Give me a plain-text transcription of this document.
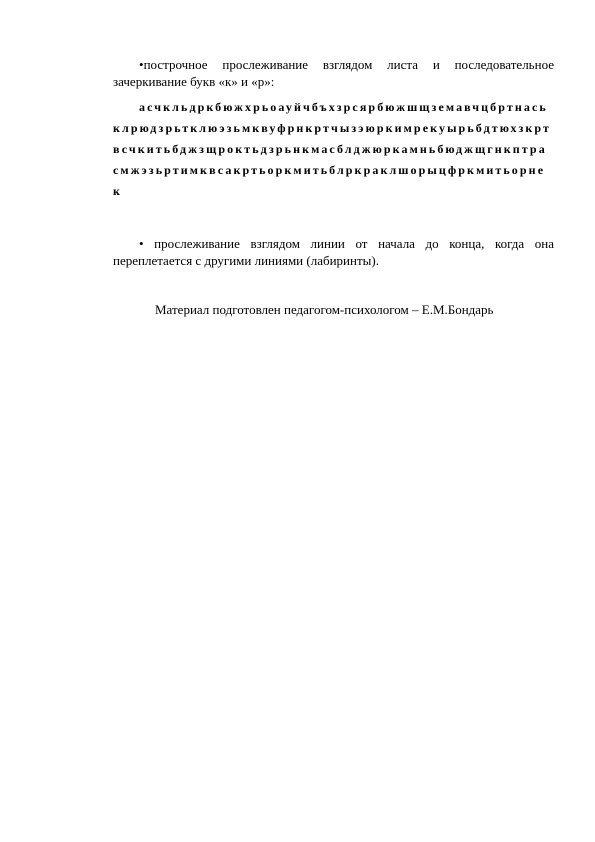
•построчное прослеживание взглядом листа и последовательное зачеркивание букв «к» и «р»:

асчкльдркбюжхрьоауйчбъхзрсярбюжшщземавчцбртнаськлрюдзрьтклюэзьмквуфрнкртчызэюркимрекуырьбдтюхзкртвсчкитьбджзщроктьдзрьнкмасблджюркамньбюджщгнкптрасмжэзьртимквсакртьоркмитьблркраклшорыцфркмитьорнек

• прослеживание взглядом линии от начала до конца, когда она переплетается с другими линиями (лабиринты).

Материал подготовлен педагогом-психологом – Е.М.Бондарь
